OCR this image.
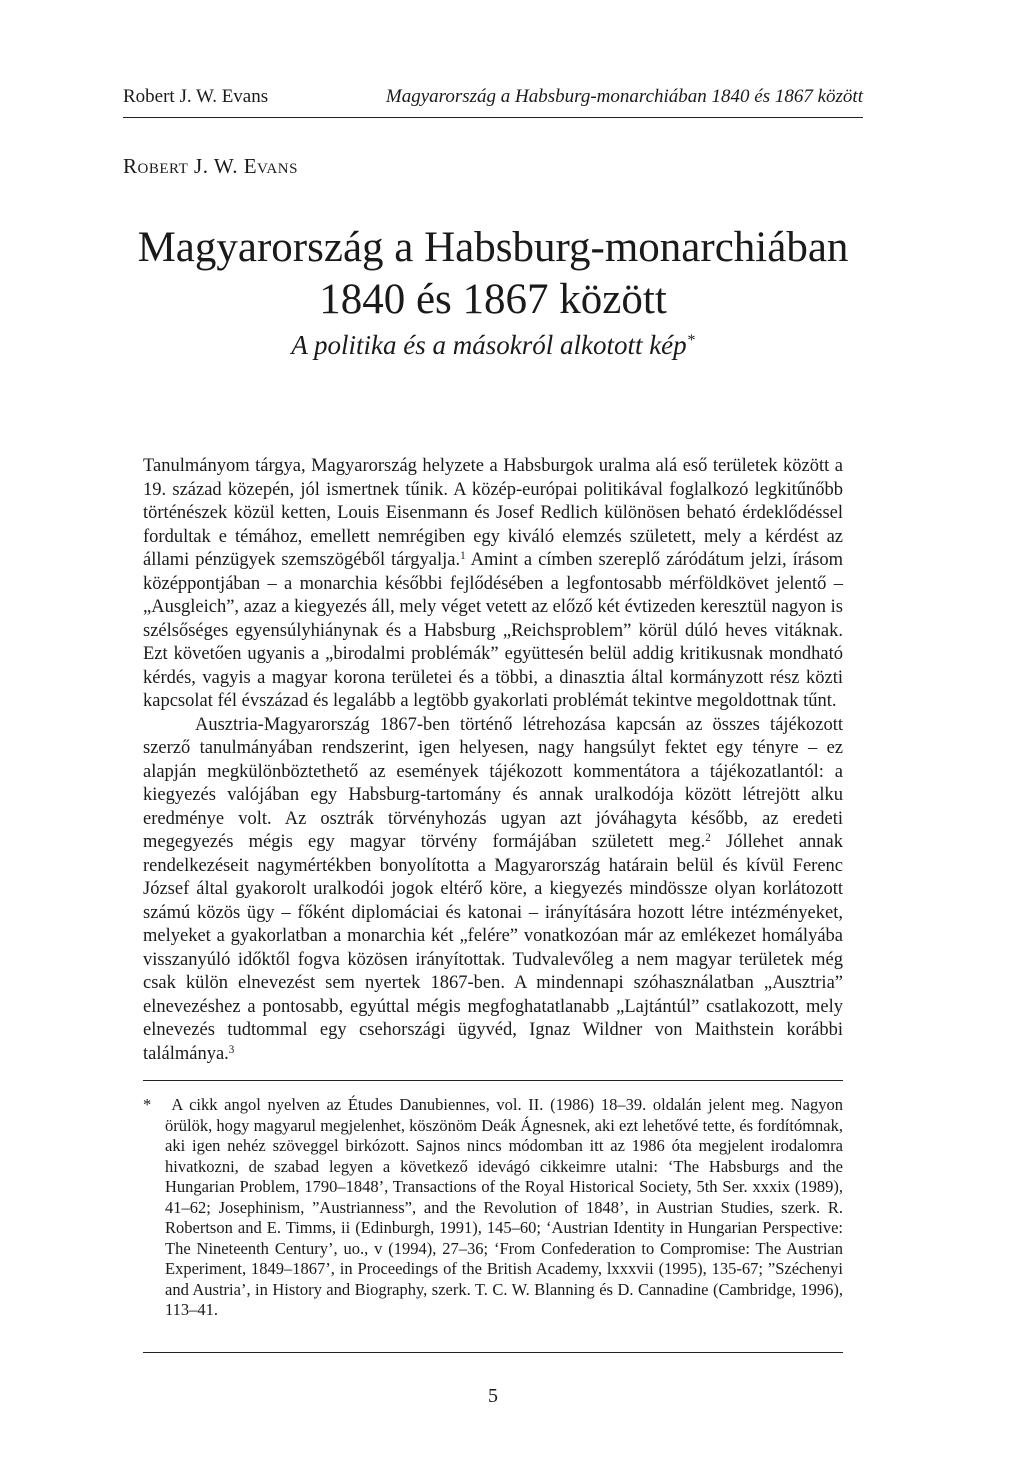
Robert J. W. Evans	Magyarország a Habsburg-monarchiában 1840 és 1867 között
Robert J. W. Evans
Magyarország a Habsburg-monarchiában
1840 és 1867 között
A politika és a másokról alkotott kép*

Tanulmányom tárgya, Magyarország helyzete a Habsburgok uralma alá eső területek között a 19. század közepén, jól ismertnek tűnik. A közép-európai politikával foglalkozó legkitűnőbb történészek közül ketten, Louis Eisenmann és Josef Redlich különösen beható érdeklődéssel fordultak e témához, emellett nemrégiben egy kiváló elemzés született, mely a kérdést az állami pénzügyek szemszögéből tárgyalja.$^1$ Amint a címben szereplő záródátum jelzi, írásom középpontjában – a monarchia későbbi fejlődésében a legfontosabb mérföldkövet jelentő – „Ausgleich”, azaz a kiegyezés áll, mely véget vetett az előző két évtizeden keresztül nagyon is szélsőséges egyensúlyhiánynak és a Habsburg „Reichsproblem” körül dúló heves vitáknak. Ezt követően ugyanis a „birodalmi problémák” együttesén belül addig kritikusnak mondható kérdés, vagyis a magyar korona területei és a többi, a dinasztia által kormányzott rész közti kapcsolat fél évszázad és legalább a legtöbb gyakorlati problémát tekintve megoldottnak tűnt.

Ausztria-Magyarország 1867-ben történő létrehozása kapcsán az összes tájékozott szerző tanulmányában rendszerint, igen helyesen, nagy hangsúlyt fektet egy tényre – ez alapján megkülönböztethető az események tájékozott kommentátora a tájékozatlantól: a kiegyezés valójában egy Habsburg-tartomány és annak uralkodója között létrejött alku eredménye volt. Az osztrák törvényhozás ugyan azt jóváhagyta később, az eredeti megegyezés mégis egy magyar törvény formájában született meg.$^2$ Jóllehet annak rendelkezéseit nagymértékben bonyolította a Magyarország határain belül és kívül Ferenc József által gyakorolt uralkodói jogok eltérő köre, a kiegyezés mindössze olyan korlátozott számú közös ügy – főként diplomáciai és katonai – irányítására hozott létre intézményeket, melyeket a gyakorlatban a monarchia két „felére” vonatkozóan már az emlékezet homályába visszanyúló időktől fogva közösen irányítottak. Tudvalevőleg a nem magyar területek még csak külön elnevezést sem nyertek 1867-ben. A mindennapi szóhasználatban „Ausztria” elnevezéshez a pontosabb, egyúttal mégis megfoghatatlanabb „Lajtántúl” csatlakozott, mely elnevezés tudtommal egy csehországi ügyvéd, Ignaz Wildner von Maithstein korábbi találmánya.$^3$

* A cikk angol nyelven az Études Danubiennes, vol. II. (1986) 18–39. oldalán jelent meg. Nagyon örülök, hogy magyarul megjelenhet, köszönöm Deák Ágnesnek, aki ezt lehetővé tette, és fordítómnak, aki igen nehéz szöveggel birkózott. Sajnos nincs módomban itt az 1986 óta megjelent irodalomra hivatkozni, de szabad legyen a következő idevágó cikkeimre utalni: ‘The Habsburgs and the Hungarian Problem, 1790–1848’, Transactions of the Royal Historical Society, 5th Ser. xxxix (1989), 41–62; Josephinism, ”Austrianness”, and the Revolution of 1848’, in Austrian Studies, szerk. R. Robertson and E. Timms, ii (Edinburgh, 1991), 145–60; ‘Austrian Identity in Hungarian Perspective: The Nineteenth Century’, uo., v (1994), 27–36; ‘From Confederation to Compromise: The Austrian Experiment, 1849–1867’, in Proceedings of the British Academy, lxxxvii (1995), 135-67; ”Széchenyi and Austria’, in History and Biography, szerk. T. C. W. Blanning és D. Cannadine (Cambridge, 1996), 113–41.

5
